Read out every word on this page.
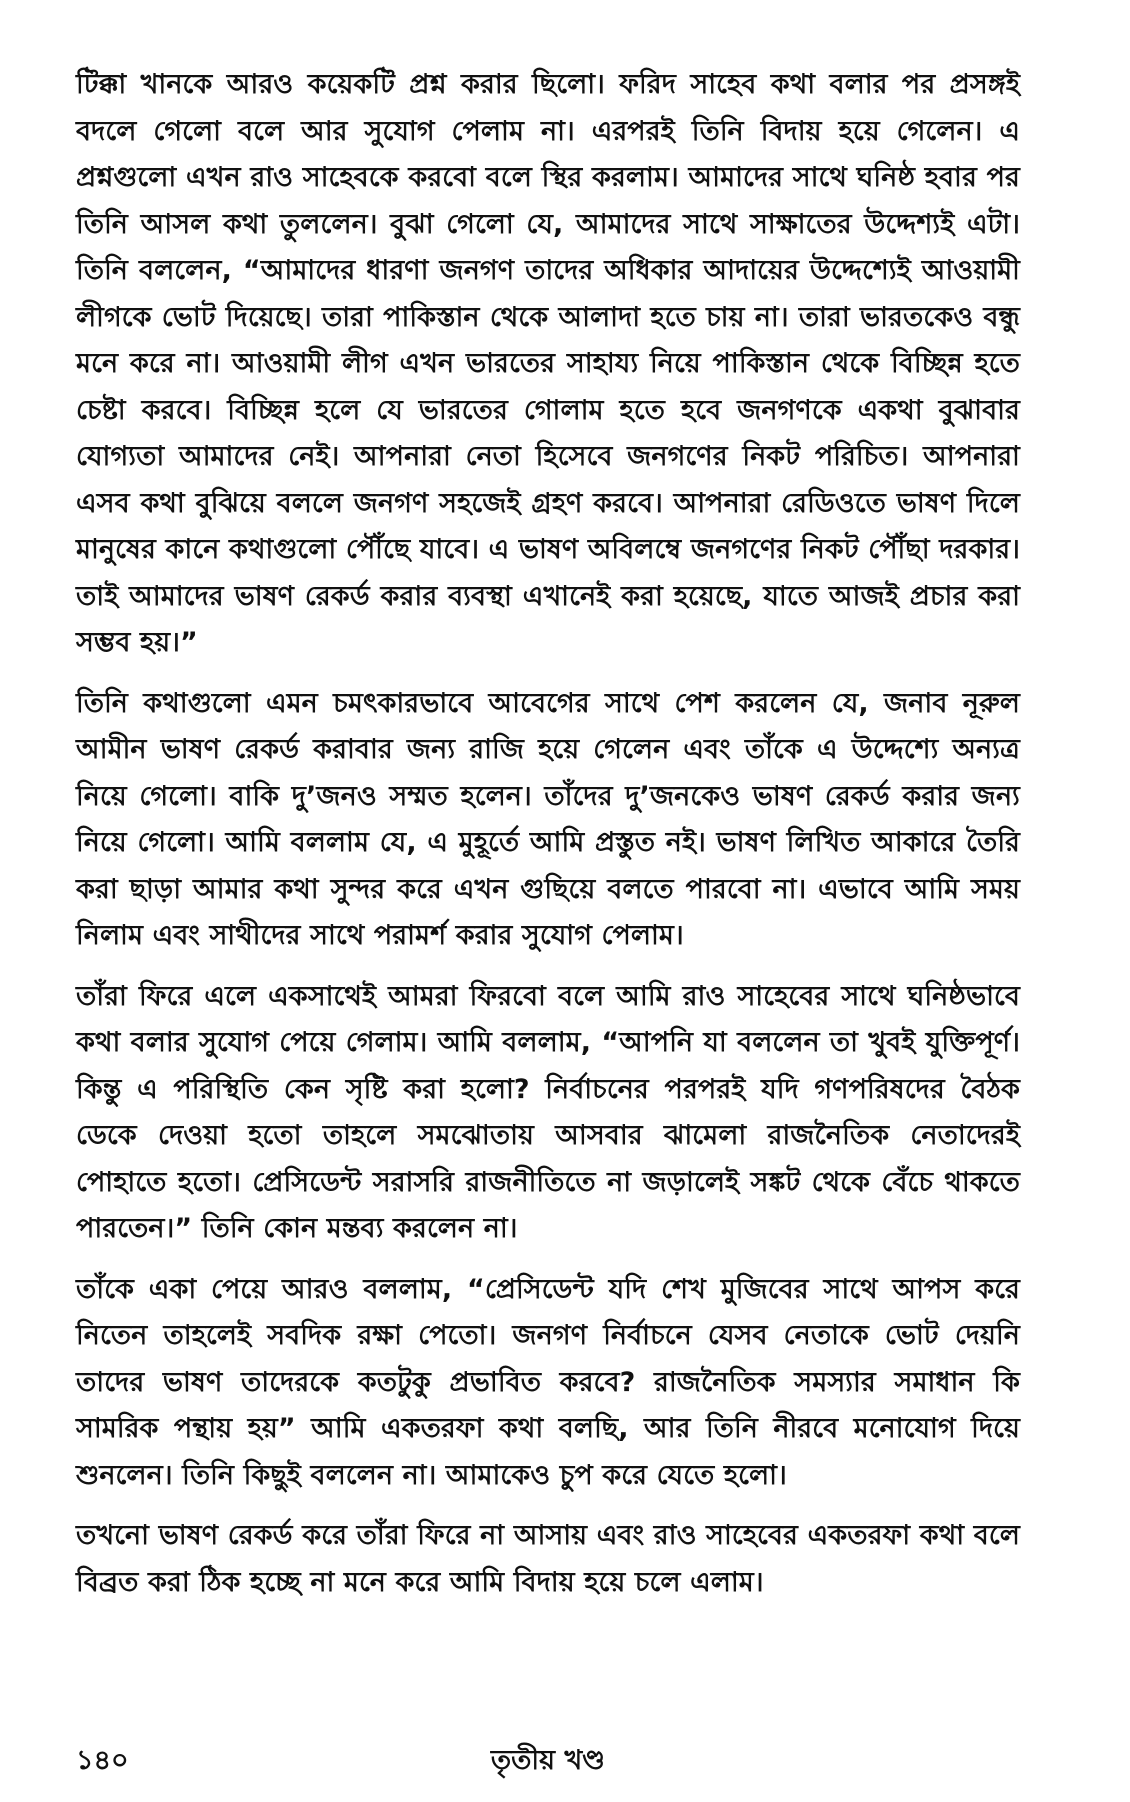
টিক্কা খানকে আরও কয়েকটি প্রশ্ন করার ছিলো। ফরিদ সাহেব কথা বলার পর প্রসঙ্গই বদলে গেলো বলে আর সুযোগ পেলাম না। এরপরই তিনি বিদায় হয়ে গেলেন। এ প্রশ্নগুলো এখন রাও সাহেবকে করবো বলে স্থির করলাম। আমাদের সাথে ঘনিষ্ঠ হবার পর তিনি আসল কথা তুললেন। বুঝা গেলো যে, আমাদের সাথে সাক্ষাতের উদ্দেশ্যই এটা। তিনি বললেন, “আমাদের ধারণা জনগণ তাদের অধিকার আদায়ের উদ্দেশ্যেই আওয়ামী লীগকে ভোট দিয়েছে। তারা পাকিস্তান থেকে আলাদা হতে চায় না। তারা ভারতকেও বন্ধু মনে করে না। আওয়ামী লীগ এখন ভারতের সাহায্য নিয়ে পাকিস্তান থেকে বিচ্ছিন্ন হতে চেষ্টা করবে। বিচ্ছিন্ন হলে যে ভারতের গোলাম হতে হবে জনগণকে একথা বুঝাবার যোগ্যতা আমাদের নেই। আপনারা নেতা হিসেবে জনগণের নিকট পরিচিত। আপনারা এসব কথা বুঝিয়ে বললে জনগণ সহজেই গ্রহণ করবে। আপনারা রেডিওতে ভাষণ দিলে মানুষের কানে কথাগুলো পৌঁছে যাবে। এ ভাষণ অবিলম্বে জনগণের নিকট পৌঁছা দরকার। তাই আমাদের ভাষণ রেকর্ড করার ব্যবস্থা এখানেই করা হয়েছে, যাতে আজই প্রচার করা সম্ভব হয়।”

তিনি কথাগুলো এমন চমৎকারভাবে আবেগের সাথে পেশ করলেন যে, জনাব নূরুল আমীন ভাষণ রেকর্ড করাবার জন্য রাজি হয়ে গেলেন এবং তাঁকে এ উদ্দেশ্যে অন্যত্র নিয়ে গেলো। বাকি দু’জনও সম্মত হলেন। তাঁদের দু’জনকেও ভাষণ রেকর্ড করার জন্য নিয়ে গেলো। আমি বললাম যে, এ মুহূর্তে আমি প্রস্তুত নই। ভাষণ লিখিত আকারে তৈরি করা ছাড়া আমার কথা সুন্দর করে এখন গুছিয়ে বলতে পারবো না। এভাবে আমি সময় নিলাম এবং সাথীদের সাথে পরামর্শ করার সুযোগ পেলাম।

তাঁরা ফিরে এলে একসাথেই আমরা ফিরবো বলে আমি রাও সাহেবের সাথে ঘনিষ্ঠভাবে কথা বলার সুযোগ পেয়ে গেলাম। আমি বললাম, “আপনি যা বললেন তা খুবই যুক্তিপূর্ণ। কিন্তু এ পরিস্থিতি কেন সৃষ্টি করা হলো? নির্বাচনের পরপরই যদি গণপরিষদের বৈঠক ডেকে দেওয়া হতো তাহলে সমঝোতায় আসবার ঝামেলা রাজনৈতিক নেতাদেরই পোহাতে হতো। প্রেসিডেন্ট সরাসরি রাজনীতিতে না জড়ালেই সঙ্কট থেকে বেঁচে থাকতে পারতেন।” তিনি কোন মন্তব্য করলেন না।

তাঁকে একা পেয়ে আরও বললাম, “প্রেসিডেন্ট যদি শেখ মুজিবের সাথে আপস করে নিতেন তাহলেই সবদিক রক্ষা পেতো। জনগণ নির্বাচনে যেসব নেতাকে ভোট দেয়নি তাদের ভাষণ তাদেরকে কতটুকু প্রভাবিত করবে? রাজনৈতিক সমস্যার সমাধান কি সামরিক পন্থায় হয়” আমি একতরফা কথা বলছি, আর তিনি নীরবে মনোযোগ দিয়ে শুনলেন। তিনি কিছুই বললেন না। আমাকেও চুপ করে যেতে হলো।

তখনো ভাষণ রেকর্ড করে তাঁরা ফিরে না আসায় এবং রাও সাহেবের একতরফা কথা বলে বিব্রত করা ঠিক হচ্ছে না মনে করে আমি বিদায় হয়ে চলে এলাম।

১৪০	তৃতীয় খণ্ড
